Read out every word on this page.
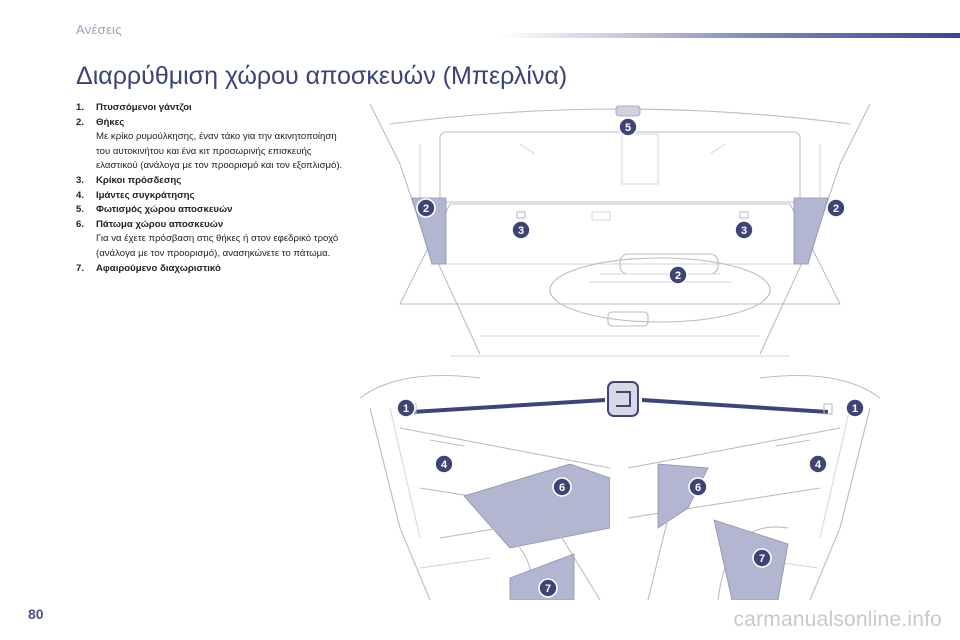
Ανέσεις
Διαρρύθμιση χώρου αποσκευών (Μπερλίνα)
1.	Πτυσσόμενοι γάντζοι
2.	Θήκες
Με κρίκο ρυμούλκησης, έναν τάκο για την ακινητοποίηση του αυτοκινήτου και ένα κιτ προσωρινής επισκευής ελαστικού (ανάλογα με τον προορισμό και τον εξοπλισμό).
3.	Κρίκοι πρόσδεσης
4.	Ιμάντες συγκράτησης
5.	Φωτισμός χώρου αποσκευών
6.	Πάτωμα χώρου αποσκευών
Για να έχετε πρόσβαση στις θήκες ή στον εφεδρικό τροχό (ανάλογα με τον προορισμό), ανασηκώνετε το πάτωμα.
7.	Αφαιρούμενο διαχωριστικό
5
2
2
3	3
2
1
4
6
7
1
4
6
7
80	carmanualsonline.info
